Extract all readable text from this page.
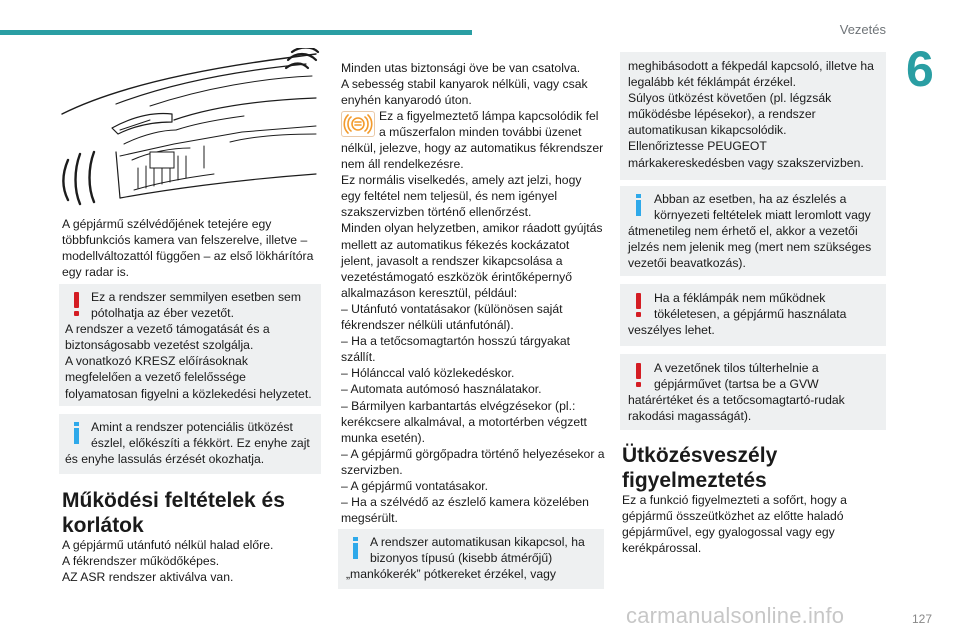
Vezetés
6
A gépjármű szélvédőjének tetejére egy
többfunkciós kamera van felszerelve, illetve –
modellváltozattól függően – az első lökhárítóra
egy radar is.
Ez a rendszer semmilyen esetben sem
pótolhatja az éber vezetőt.
A rendszer a vezető támogatását és a
biztonságosabb vezetést szolgálja.
A vonatkozó KRESZ előírásoknak
megfelelően a vezető felelőssége
folyamatosan figyelni a közlekedési helyzetet.
Amint a rendszer potenciális ütközést
észlel, előkészíti a fékkört. Ez enyhe zajt
és enyhe lassulás érzését okozhatja.
Működési feltételek és
korlátok
A gépjármű utánfutó nélkül halad előre.
A fékrendszer működőképes.
AZ ASR rendszer aktiválva van.
Minden utas biztonsági öve be van csatolva.
A sebesség stabil kanyarok nélküli, vagy csak
enyhén kanyarodó úton.
Ez a figyelmeztető lámpa kapcsolódik fel
a műszerfalon minden további üzenet
nélkül, jelezve, hogy az automatikus fékrendszer
nem áll rendelkezésre.
Ez normális viselkedés, amely azt jelzi, hogy
egy feltétel nem teljesül, és nem igényel
szakszervizben történő ellenőrzést.
Minden olyan helyzetben, amikor ráadott gyújtás
mellett az automatikus fékezés kockázatot
jelent, javasolt a rendszer kikapcsolása a
vezetéstámogató eszközök érintőképernyő
alkalmazáson keresztül, például:
– Utánfutó vontatásakor (különösen saját
fékrendszer nélküli utánfutónál).
– Ha a tetőcsomagtartón hosszú tárgyakat
szállít.
– Hólánccal való közlekedéskor.
– Automata autómosó használatakor.
– Bármilyen karbantartás elvégzésekor (pl.:
kerékcsere alkalmával, a motortérben végzett
munka esetén).
– A gépjármű görgőpadra történő helyezésekor a
szervizben.
– A gépjármű vontatásakor.
– Ha a szélvédő az észlelő kamera közelében
megsérült.
A rendszer automatikusan kikapcsol, ha
bizonyos típusú (kisebb átmérőjű)
„mankókerék” pótkereket érzékel, vagy
meghibásodott a fékpedál kapcsoló, illetve ha
legalább két féklámpát érzékel.
Súlyos ütközést követően (pl. légzsák
működésbe lépésekor), a rendszer
automatikusan kikapcsolódik.
Ellenőriztesse PEUGEOT
márkakereskedésben vagy szakszervizben.
Abban az esetben, ha az észlelés a
környezeti feltételek miatt leromlott vagy
átmenetileg nem érhető el, akkor a vezetői
jelzés nem jelenik meg (mert nem szükséges
vezetői beavatkozás).
Ha a féklámpák nem működnek
tökéletesen, a gépjármű használata
veszélyes lehet.
A vezetőnek tilos túlterhelnie a
gépjárművet (tartsa be a GVW
határértéket és a tetőcsomagtartó-rudak
rakodási magasságát).
Ütközésveszély
figyelmeztetés
Ez a funkció figyelmezteti a sofőrt, hogy a
gépjármű összeütközhet az előtte haladó
gépjárművel, egy gyalogossal vagy egy
kerékpárossal.
carmanualsonline.info	127
